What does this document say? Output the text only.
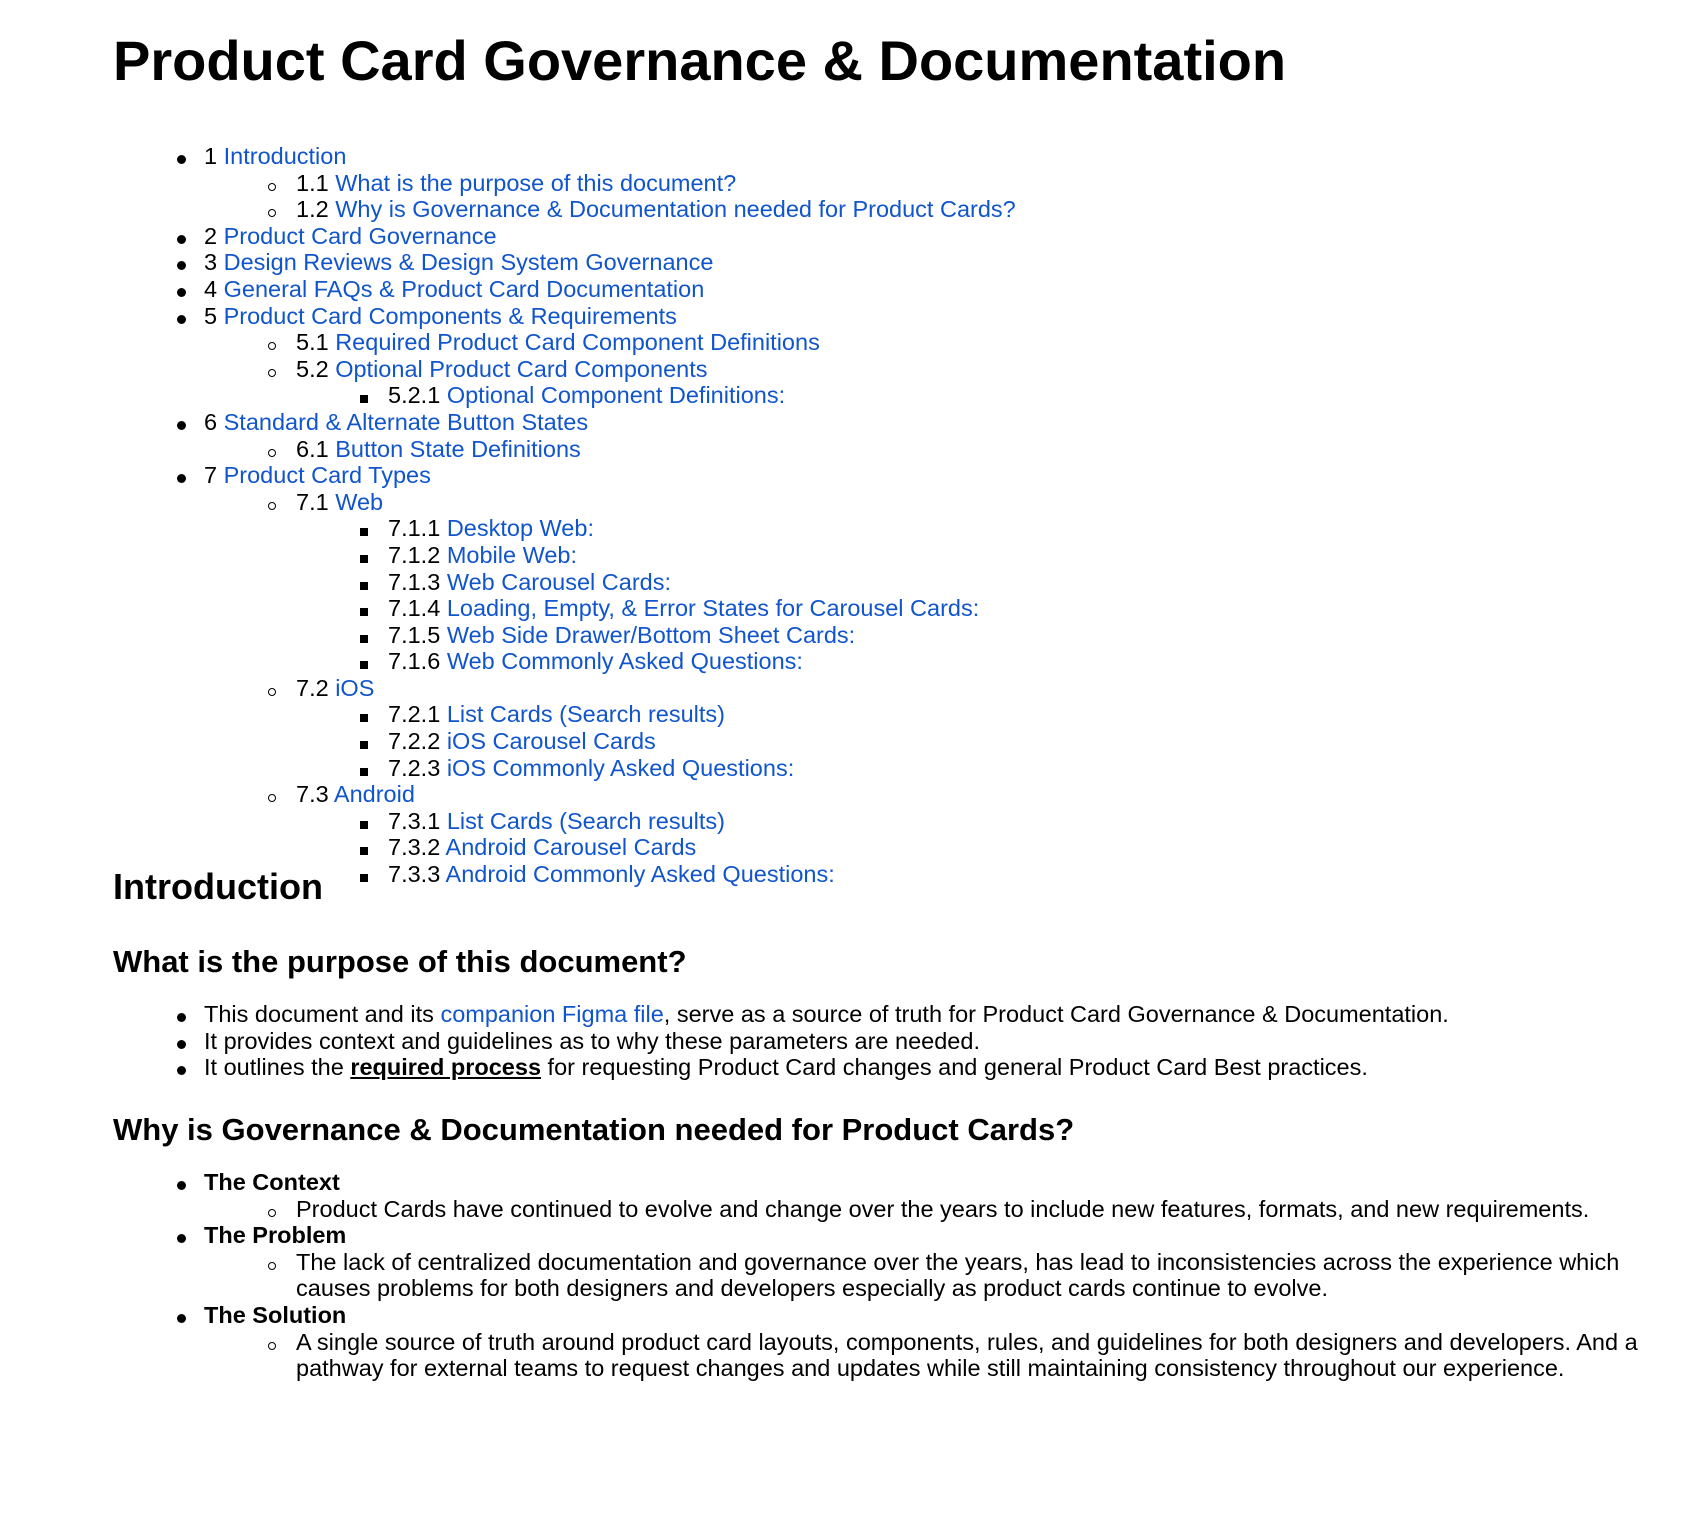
Product Card Governance & Documentation
1 Introduction
1.1 What is the purpose of this document?
1.2 Why is Governance & Documentation needed for Product Cards?
2 Product Card Governance
3 Design Reviews & Design System Governance
4 General FAQs & Product Card Documentation
5 Product Card Components & Requirements
5.1 Required Product Card Component Definitions
5.2 Optional Product Card Components
5.2.1 Optional Component Definitions:
6 Standard & Alternate Button States
6.1 Button State Definitions
7 Product Card Types
7.1 Web
7.1.1 Desktop Web:
7.1.2 Mobile Web:
7.1.3 Web Carousel Cards:
7.1.4 Loading, Empty, & Error States for Carousel Cards:
7.1.5 Web Side Drawer/Bottom Sheet Cards:
7.1.6 Web Commonly Asked Questions:
7.2 iOS
7.2.1 List Cards (Search results)
7.2.2 iOS Carousel Cards
7.2.3 iOS Commonly Asked Questions:
7.3 Android
7.3.1 List Cards (Search results)
7.3.2 Android Carousel Cards
7.3.3 Android Commonly Asked Questions:
Introduction
What is the purpose of this document?
This document and its companion Figma file, serve as a source of truth for Product Card Governance & Documentation.
It provides context and guidelines as to why these parameters are needed.
It outlines the required process for requesting Product Card changes and general Product Card Best practices.
Why is Governance & Documentation needed for Product Cards?
The Context
Product Cards have continued to evolve and change over the years to include new features, formats, and new requirements.
The Problem
The lack of centralized documentation and governance over the years, has lead to inconsistencies across the experience which causes problems for both designers and developers especially as product cards continue to evolve.
The Solution
A single source of truth around product card layouts, components, rules, and guidelines for both designers and developers. And a pathway for external teams to request changes and updates while still maintaining consistency throughout our experience.
